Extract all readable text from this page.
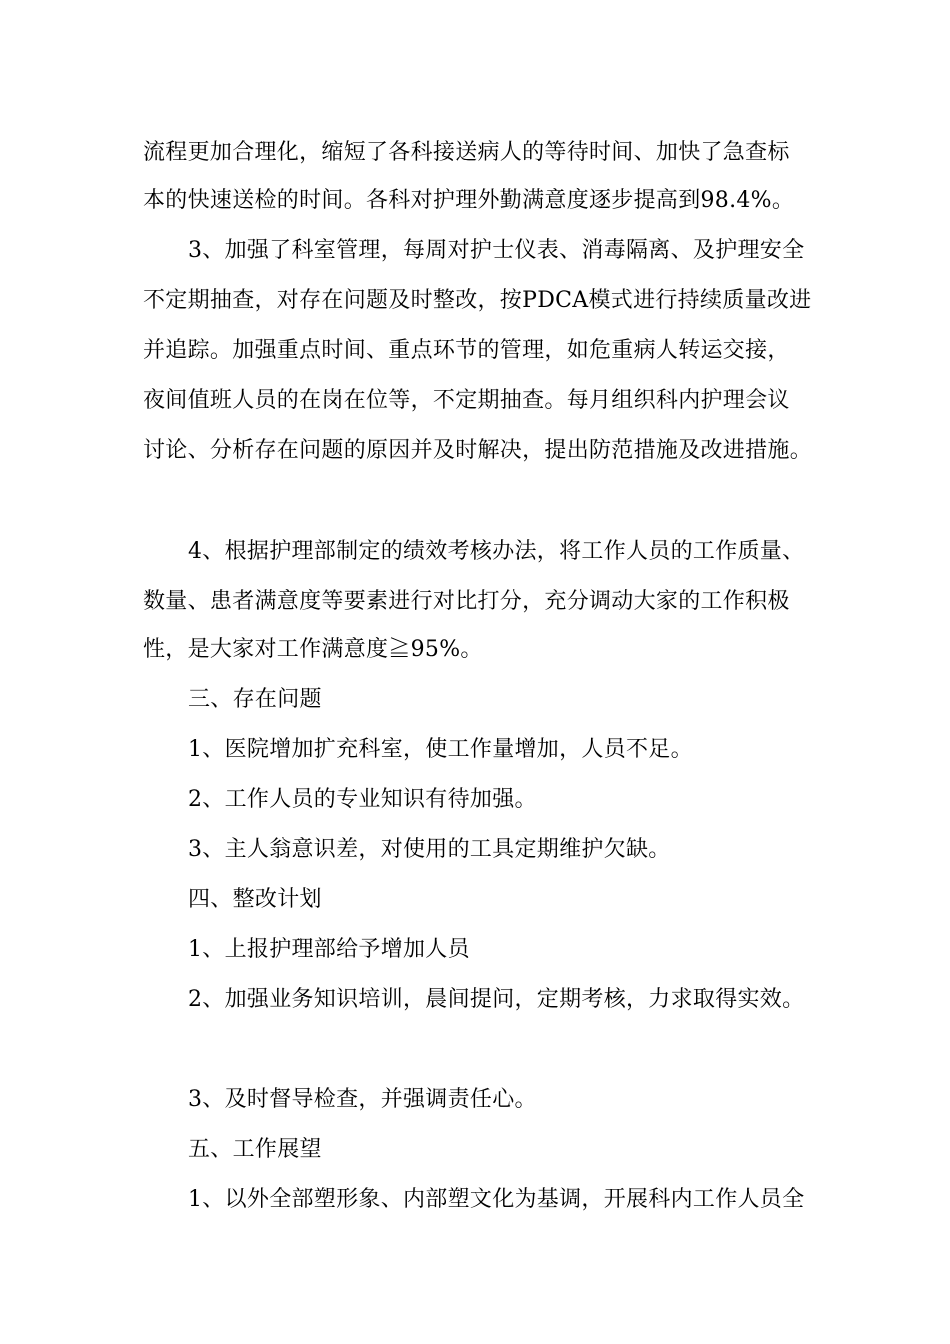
流程更加合理化，缩短了各科接送病人的等待时间、加快了急查标
本的快速送检的时间。各科对护理外勤满意度逐步提高到98.4%。
3、加强了科室管理，每周对护士仪表、消毒隔离、及护理安全
不定期抽查，对存在问题及时整改，按PDCA模式进行持续质量改进
并追踪。加强重点时间、重点环节的管理，如危重病人转运交接，
夜间值班人员的在岗在位等，不定期抽查。每月组织科内护理会议
讨论、分析存在问题的原因并及时解决，提出防范措施及改进措施。
4、根据护理部制定的绩效考核办法，将工作人员的工作质量、
数量、患者满意度等要素进行对比打分，充分调动大家的工作积极
性，是大家对工作满意度≧95%。
三、存在问题
1、医院增加扩充科室，使工作量增加，人员不足。
2、工作人员的专业知识有待加强。
3、主人翁意识差，对使用的工具定期维护欠缺。
四、整改计划
1、上报护理部给予增加人员
2、加强业务知识培训，晨间提问，定期考核，力求取得实效。
3、及时督导检查，并强调责任心。
五、工作展望
1、以外全部塑形象、内部塑文化为基调，开展科内工作人员全
